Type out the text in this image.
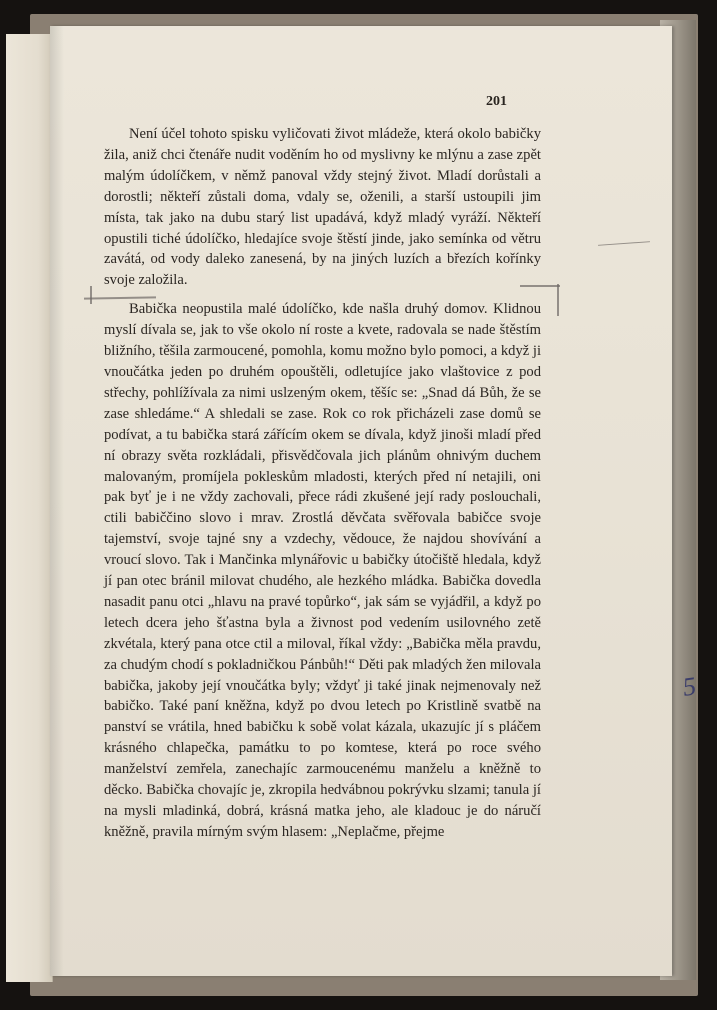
201

Není účel tohoto spisku vyličovati život mládeže, která okolo babičky žila, aniž chci čtenáře nudit voděním ho od myslivny ke mlýnu a zase zpět malým údolíčkem, v němž panoval vždy stejný život. Mladí dorůstali a dorostli; někteří zůstali doma, vdaly se, oženili, a starší ustoupili jim místa, tak jako na dubu starý list upadává, když mladý vyráží. Někteří opustili tiché údolíčko, hledajíce svoje štěstí jinde, jako semínka od větru zavátá, od vody daleko zanesená, by na jiných luzích a březích kořínky svoje založila.

Babička neopustila malé údolíčko, kde našla druhý domov. Klidnou myslí dívala se, jak to vše okolo ní roste a kvete, radovala se nade štěstím bližního, těšila zarmoucené, pomohla, komu možno bylo pomoci, a když ji vnoučátka jeden po druhém opouštěli, odletujíce jako vlaštovice z pod střechy, pohlížívala za nimi uslzeným okem, těšíc se: „Snad dá Bůh, že se zase shledáme.“ A shledali se zase. Rok co rok přicházeli zase domů se podívat, a tu babička stará zářícím okem se dívala, když jinoši mladí před ní obrazy světa rozkládali, přisvědčovala jich plánům ohnivým duchem malovaným, promíjela pokleskům mladosti, kterých před ní netajili, oni pak byť je i ne vždy zachovali, přece rádi zkušené její rady poslouchali, ctili babiččino slovo i mrav. Zrostlá děvčata svěřovala babičce svoje tajemství, svoje tajné sny a vzdechy, vědouce, že najdou shovívání a vroucí slovo. Tak i Mančinka mlynářovic u babičky útočiště hledala, když jí pan otec bránil milovat chudého, ale hezkého mládka. Babička dovedla nasadit panu otci „hlavu na pravé topůrko“, jak sám se vyjádřil, a když po letech dcera jeho šťastna byla a živnost pod vedením usilovného zetě zkvétala, který pana otce ctil a miloval, říkal vždy: „Babička měla pravdu, za chudým chodí s pokladničkou Pánbůh!“ Děti pak mladých žen milovala babička, jakoby její vnoučátka byly; vždyť ji také jinak nejmenovaly než babičko. Také paní kněžna, když po dvou letech po Kristlině svatbě na panství se vrátila, hned babičku k sobě volat kázala, ukazujíc jí s pláčem krásného chlapečka, památku to po komtese, která po roce svého manželství zemřela, zanechajíc zarmoucenému manželu a kněžně to děcko. Babička chovajíc je, zkropila hedvábnou pokrývku slzami; tanula jí na mysli mladinká, dobrá, krásná matka jeho, ale kladouc je do náručí kněžně, pravila mírným svým hlasem: „Neplačme, přejme

5
